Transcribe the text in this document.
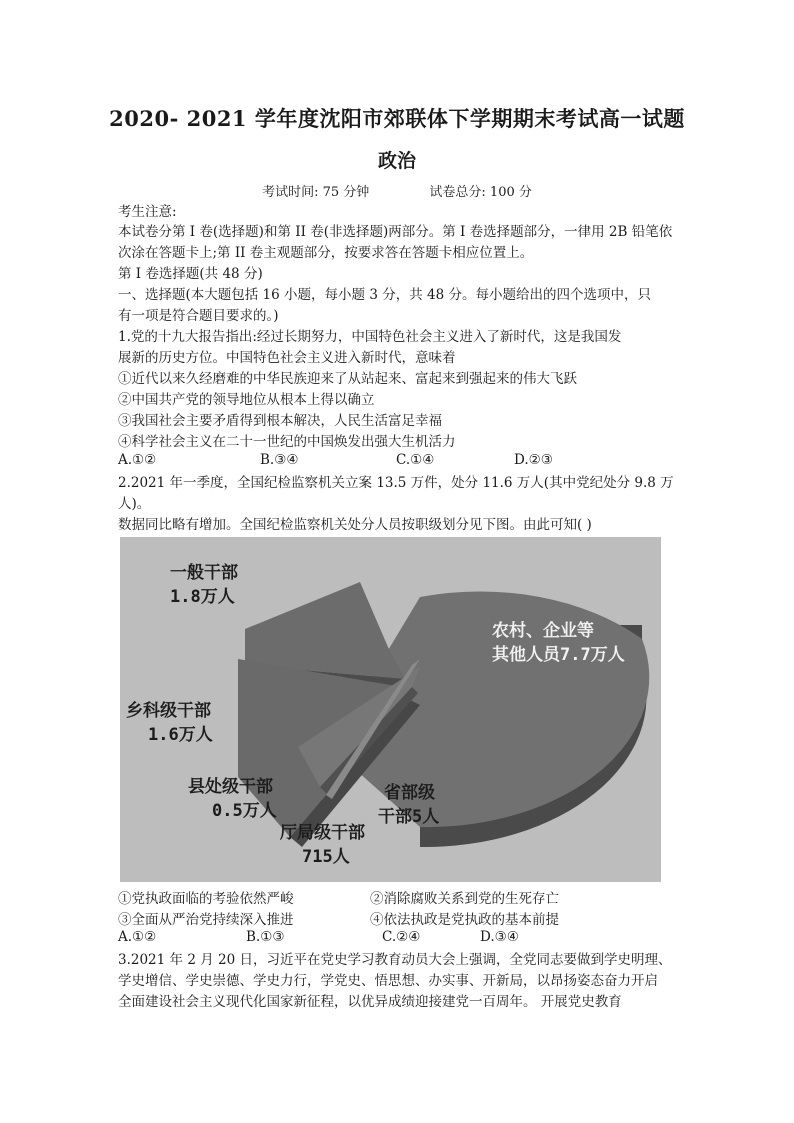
2020- 2021 学年度沈阳市郊联体下学期期末考试高一试题
政治
考试时间: 75 分钟	试卷总分: 100 分
考生注意:
本试卷分第 I 卷(选择题)和第 II 卷(非选择题)两部分。第 I 卷选择题部分，一律用 2B 铅笔依
次涂在答题卡上;第 II 卷主观题部分，按要求答在答题卡相应位置上。
第 I 卷选择题(共 48 分)
一、选择题(本大题包括 16 小题，每小题 3 分，共 48 分。每小题给出的四个选项中，只
有一项是符合题目要求的。)
1.党的十九大报告指出:经过长期努力，中国特色社会主义进入了新时代，这是我国发
展新的历史方位。中国特色社会主义进入新时代，意味着
①近代以来久经磨难的中华民族迎来了从站起来、富起来到强起来的伟大飞跃
②中国共产党的领导地位从根本上得以确立
③我国社会主要矛盾得到根本解决，人民生活富足幸福
④科学社会主义在二十一世纪的中国焕发出强大生机活力
A.①②	B.③④	C.①④	D.②③
2.2021 年一季度，全国纪检监察机关立案 13.5 万件，处分 11.6 万人(其中党纪处分 9.8 万
人)。
数据同比略有增加。全国纪检监察机关处分人员按职级划分见下图。由此可知( )
一般干部
1.8万人
农村、企业等
其他人员7.7万人
乡科级干部
1.6万人
县处级干部
0.5万人
厅局级干部
715人
省部级
干部5人
①党执政面临的考验依然严峻	②消除腐败关系到党的生死存亡
③全面从严治党持续深入推进	④依法执政是党执政的基本前提
A.①②	B.①③	C.②④	D.③④
3.2021 年 2 月 20 日，习近平在党史学习教育动员大会上强调，全党同志要做到学史明理、
学史增信、学史崇德、学史力行，学党史、悟思想、办实事、开新局，以昂扬姿态奋力开启
全面建设社会主义现代化国家新征程，以优异成绩迎接建党一百周年。 开展党史教育
